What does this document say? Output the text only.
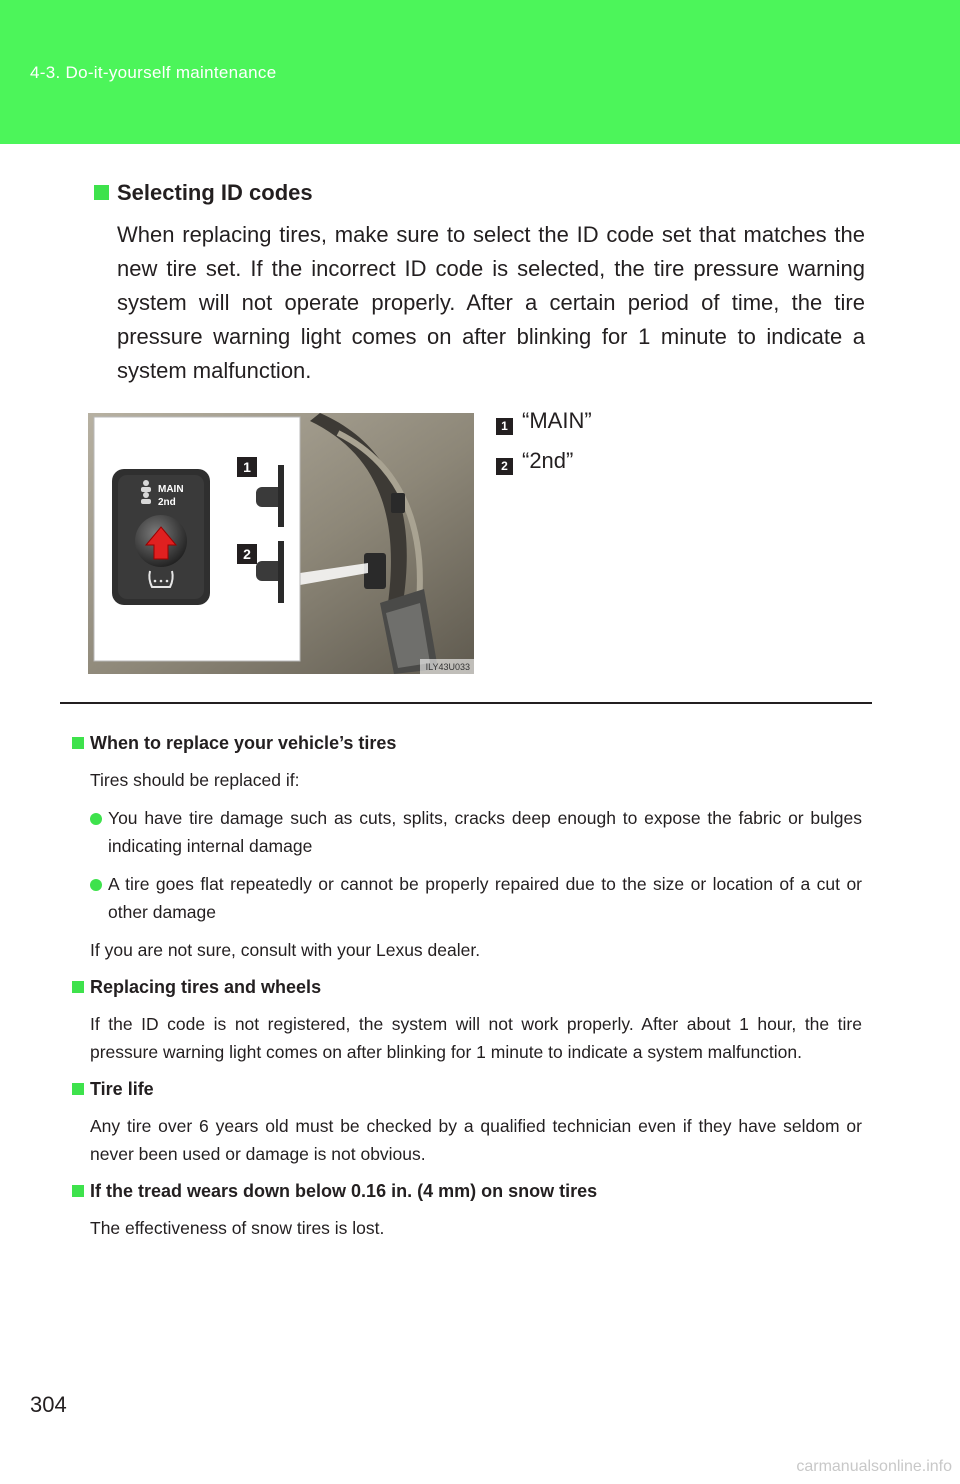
4-3. Do-it-yourself maintenance
Selecting ID codes

When replacing tires, make sure to select the ID code set that matches the new tire set. If the incorrect ID code is selected, the tire pressure warning system will not operate properly. After a certain period of time, the tire pressure warning light comes on after blinking for 1 minute to indicate a system malfunction.

MAIN
2nd
1
2
ILY43U033
1 “MAIN”
2 “2nd”
When to replace your vehicle’s tires

Tires should be replaced if:

You have tire damage such as cuts, splits, cracks deep enough to expose the fabric or bulges indicating internal damage
A tire goes flat repeatedly or cannot be properly repaired due to the size or location of a cut or other damage

If you are not sure, consult with your Lexus dealer.

Replacing tires and wheels

If the ID code is not registered, the system will not work properly. After about 1 hour, the tire pressure warning light comes on after blinking for 1 minute to indicate a system malfunction.

Tire life

Any tire over 6 years old must be checked by a qualified technician even if they have seldom or never been used or damage is not obvious.

If the tread wears down below 0.16 in. (4 mm) on snow tires

The effectiveness of snow tires is lost.

304
carmanualsonline.info
